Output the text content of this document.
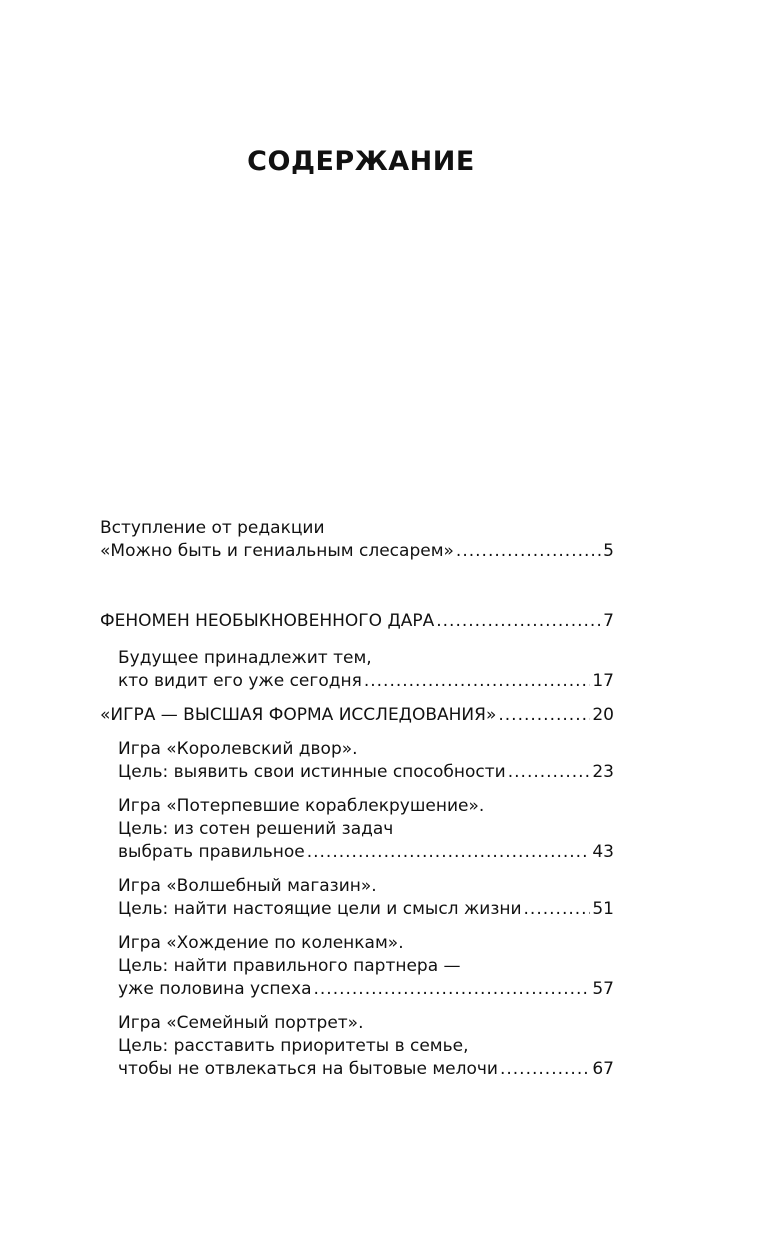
СОДЕРЖАНИЕ
Вступление от редакции
«Можно быть и гениальным слесарем» .....	5
ФЕНОМЕН НЕОБЫКНОВЕННОГО ДАРА .....	7
Будущее принадлежит тем,
кто видит его уже сегодня .....	17
«ИГРА — ВЫСШАЯ ФОРМА ИССЛЕДОВАНИЯ» .....	20
Игра «Королевский двор».
Цель: выявить свои истинные способности .....	23
Игра «Потерпевшие кораблекрушение».
Цель: из сотен решений задач
выбрать правильное .....	43
Игра «Волшебный магазин».
Цель: найти настоящие цели и смысл жизни .....	51
Игра «Хождение по коленкам».
Цель: найти правильного партнера —
уже половина успеха .....	57
Игра «Семейный портрет».
Цель: расставить приоритеты в семье,
чтобы не отвлекаться на бытовые мелочи .....	67
